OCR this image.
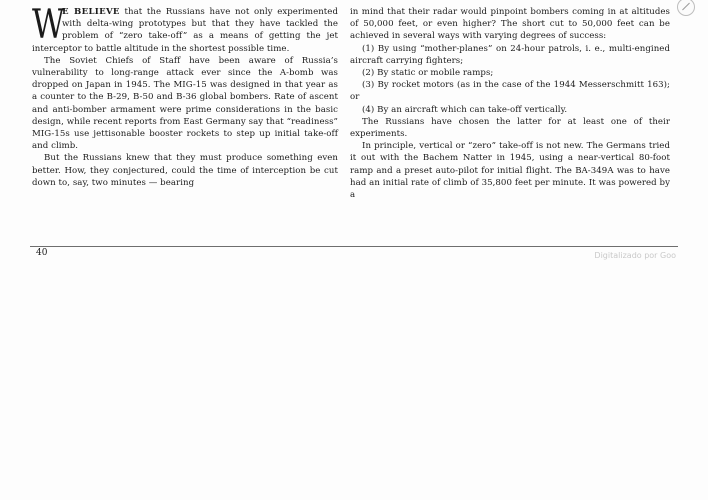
W
E BELIEVE that the Russians have not only experimented with delta-wing prototypes but that they have tackled the problem of “zero take-off” as a means of getting the jet interceptor to battle altitude in the shortest possible time.

The Soviet Chiefs of Staff have been aware of Russia’s vulnerability to long-range attack ever since the A-bomb was dropped on Japan in 1945. The MIG-15 was designed in that year as a counter to the B-29, B-50 and B-36 global bombers. Rate of ascent and anti-bomber armament were prime considerations in the basic design, while recent reports from East Germany say that “readiness” MIG-15s use jettisonable booster rockets to step up initial take-off and climb.

But the Russians knew that they must produce something even better. How, they conjectured, could the time of interception be cut down to, say, two minutes — bearing

in mind that their radar would pinpoint bombers coming in at altitudes of 50,000 feet, or even higher? The short cut to 50,000 feet can be achieved in several ways with varying degrees of success:

(1) By using “mother-planes” on 24-hour patrols, i. e., multi-engined aircraft carrying fighters;

(2) By static or mobile ramps;

(3) By rocket motors (as in the case of the 1944 Messerschmitt 163); or

(4) By an aircraft which can take-off vertically.

The Russians have chosen the latter for at least one of their experiments.

In principle, vertical or “zero” take-off is not new. The Germans tried it out with the Bachem Natter in 1945, using a near-vertical 80-foot ramp and a preset auto-pilot for initial flight. The BA-349A was to have had an initial rate of climb of 35,800 feet per minute. It was powered by a

40	Digitalizado por Goo
